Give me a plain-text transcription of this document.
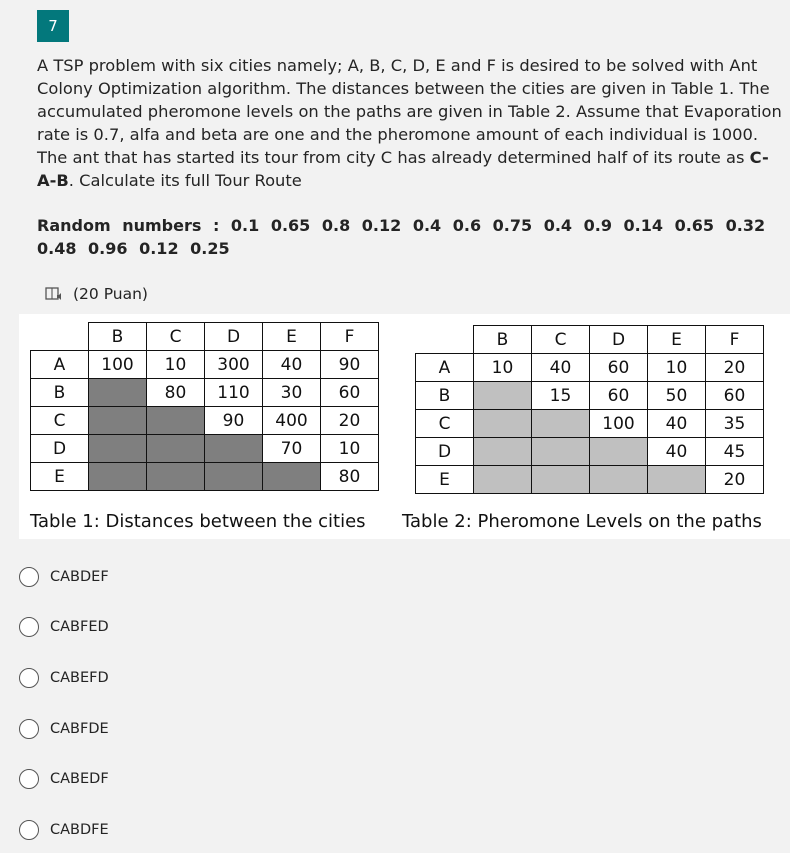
7

A TSP problem with six cities namely; A, B, C, D, E and F is desired to be solved with Ant Colony Optimization algorithm. The distances between the cities are given in Table 1. The accumulated pheromone levels on the paths are given in Table 2. Assume that Evaporation rate is 0.7, alfa and beta are one and the pheromone amount of each individual is 1000. The ant that has started its tour from city C has already determined half of its route as C-A-B. Calculate its full Tour Route

Random numbers : 0.1 0.65 0.8 0.12 0.4 0.6 0.75 0.4 0.9 0.14 0.65 0.32 0.48 0.96 0.12 0.25
(20 Puan)
	B	C	D	E	F
A	100	10	300	40	90
B		80	110	30	60
C			90	400	20
D				70	10
E					80
	B	C	D	E	F
A	10	40	60	10	20
B		15	60	50	60
C			100	40	35
D				40	45
E					20
Table 1: Distances between the cities Table 2: Pheromone Levels on the paths
CABDEF
CABFED
CABEFD
CABFDE
CABEDF
CABDFE
